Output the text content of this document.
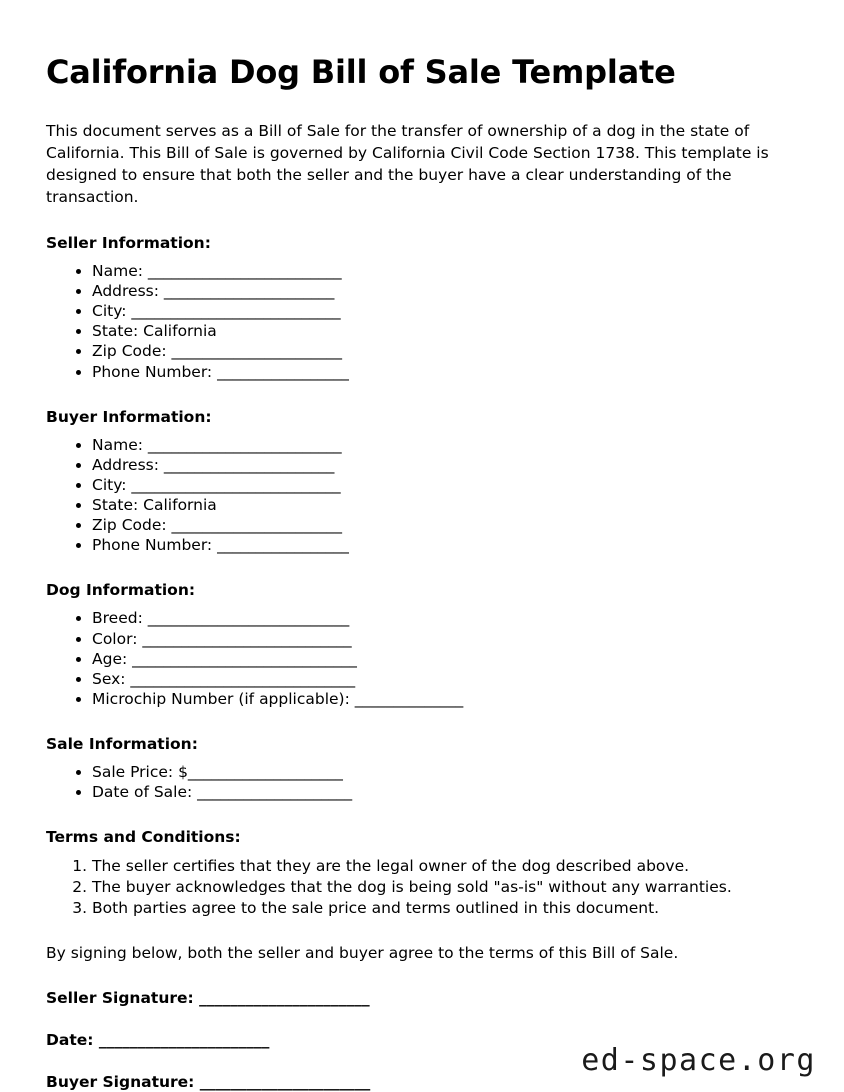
California Dog Bill of Sale Template

This document serves as a Bill of Sale for the transfer of ownership of a dog in the state of California. This Bill of Sale is governed by California Civil Code Section 1738. This template is designed to ensure that both the seller and the buyer have a clear understanding of the transaction.

Seller Information:
• Name: _________________________
• Address: ______________________
• City: ___________________________
• State: California
• Zip Code: ______________________
• Phone Number: _________________
Buyer Information:
• Name: _________________________
• Address: ______________________
• City: ___________________________
• State: California
• Zip Code: ______________________
• Phone Number: _________________
Dog Information:
• Breed: __________________________
• Color: ___________________________
• Age: _____________________________
• Sex: _____________________________
• Microchip Number (if applicable): ______________
Sale Information:
• Sale Price: $____________________
• Date of Sale: ____________________
Terms and Conditions:
1. The seller certifies that they are the legal owner of the dog described above.
2. The buyer acknowledges that the dog is being sold "as-is" without any warranties.
3. Both parties agree to the sale price and terms outlined in this document.

By signing below, both the seller and buyer agree to the terms of this Bill of Sale.

Seller Signature: ______________________

Date: ______________________

Buyer Signature: ______________________

ed-space.org
